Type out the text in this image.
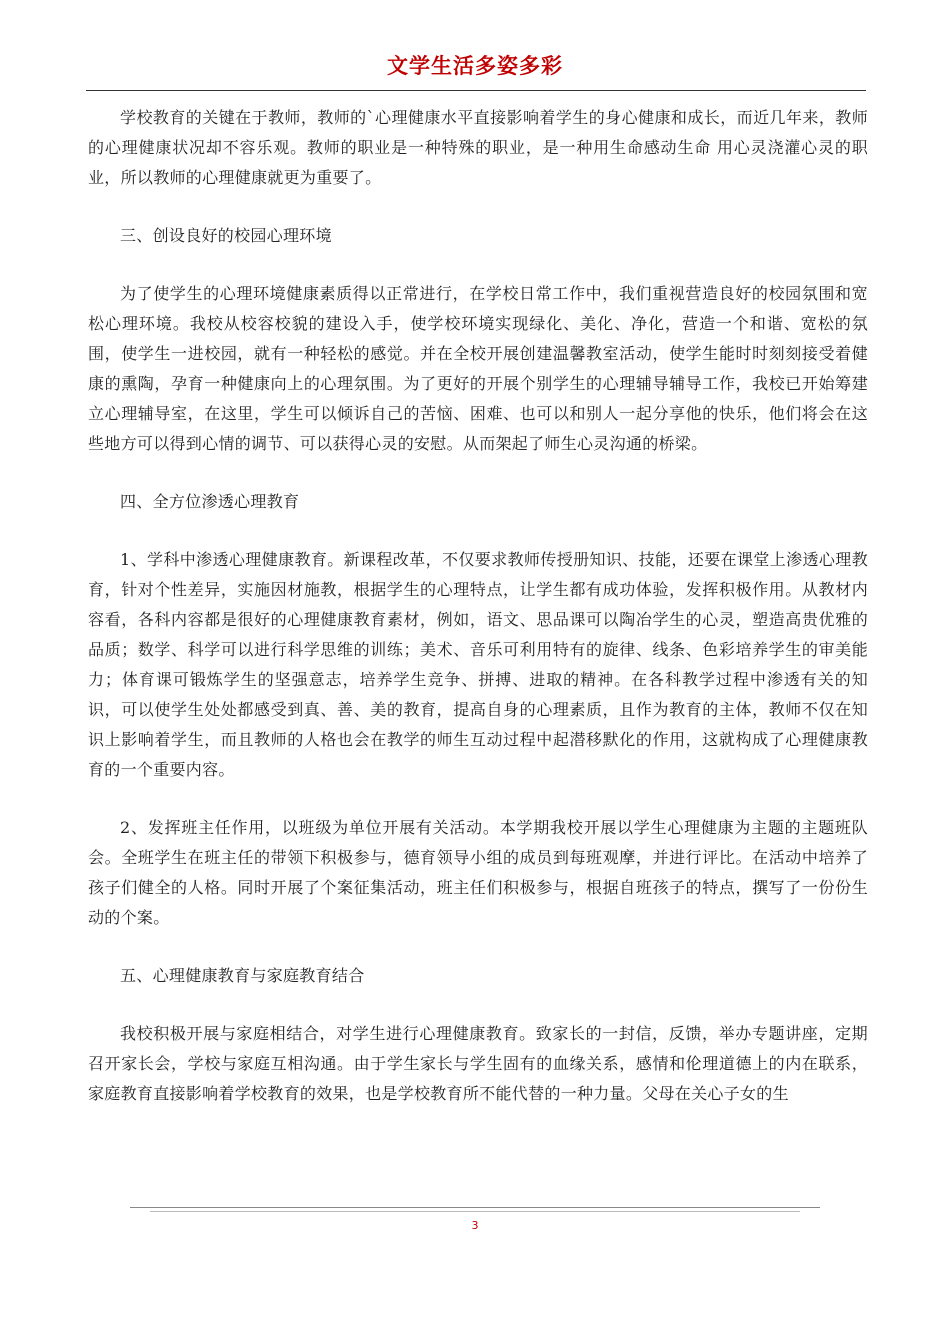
文学生活多姿多彩

学校教育的关键在于教师，教师的`心理健康水平直接影响着学生的身心健康和成长，而近几年来，教师的心理健康状况却不容乐观。教师的职业是一种特殊的职业，是一种用生命感动生命 用心灵浇灌心灵的职业，所以教师的心理健康就更为重要了。

三、创设良好的校园心理环境

为了使学生的心理环境健康素质得以正常进行，在学校日常工作中，我们重视营造良好的校园氛围和宽松心理环境。我校从校容校貌的建设入手，使学校环境实现绿化、美化、净化，营造一个和谐、宽松的氛围，使学生一进校园，就有一种轻松的感觉。并在全校开展创建温馨教室活动，使学生能时时刻刻接受着健康的熏陶，孕育一种健康向上的心理氛围。为了更好的开展个别学生的心理辅导辅导工作，我校已开始筹建立心理辅导室，在这里，学生可以倾诉自己的苦恼、困难、也可以和别人一起分享他的快乐，他们将会在这些地方可以得到心情的调节、可以获得心灵的安慰。从而架起了师生心灵沟通的桥梁。

四、全方位渗透心理教育

1、学科中渗透心理健康教育。新课程改革，不仅要求教师传授册知识、技能，还要在课堂上渗透心理教育，针对个性差异，实施因材施教，根据学生的心理特点，让学生都有成功体验，发挥积极作用。从教材内容看，各科内容都是很好的心理健康教育素材，例如，语文、思品课可以陶冶学生的心灵，塑造高贵优雅的品质；数学、科学可以进行科学思维的训练；美术、音乐可利用特有的旋律、线条、色彩培养学生的审美能力；体育课可锻炼学生的坚强意志，培养学生竞争、拼搏、进取的精神。在各科教学过程中渗透有关的知识，可以使学生处处都感受到真、善、美的教育，提高自身的心理素质，且作为教育的主体，教师不仅在知识上影响着学生，而且教师的人格也会在教学的师生互动过程中起潜移默化的作用，这就构成了心理健康教育的一个重要内容。

2、发挥班主任作用，以班级为单位开展有关活动。本学期我校开展以学生心理健康为主题的主题班队会。全班学生在班主任的带领下积极参与，德育领导小组的成员到每班观摩，并进行评比。在活动中培养了孩子们健全的人格。同时开展了个案征集活动，班主任们积极参与，根据自班孩子的特点，撰写了一份份生动的个案。

五、心理健康教育与家庭教育结合

我校积极开展与家庭相结合，对学生进行心理健康教育。致家长的一封信，反馈，举办专题讲座，定期召开家长会，学校与家庭互相沟通。由于学生家长与学生固有的血缘关系，感情和伦理道德上的内在联系，家庭教育直接影响着学校教育的效果，也是学校教育所不能代替的一种力量。父母在关心子女的生

3
